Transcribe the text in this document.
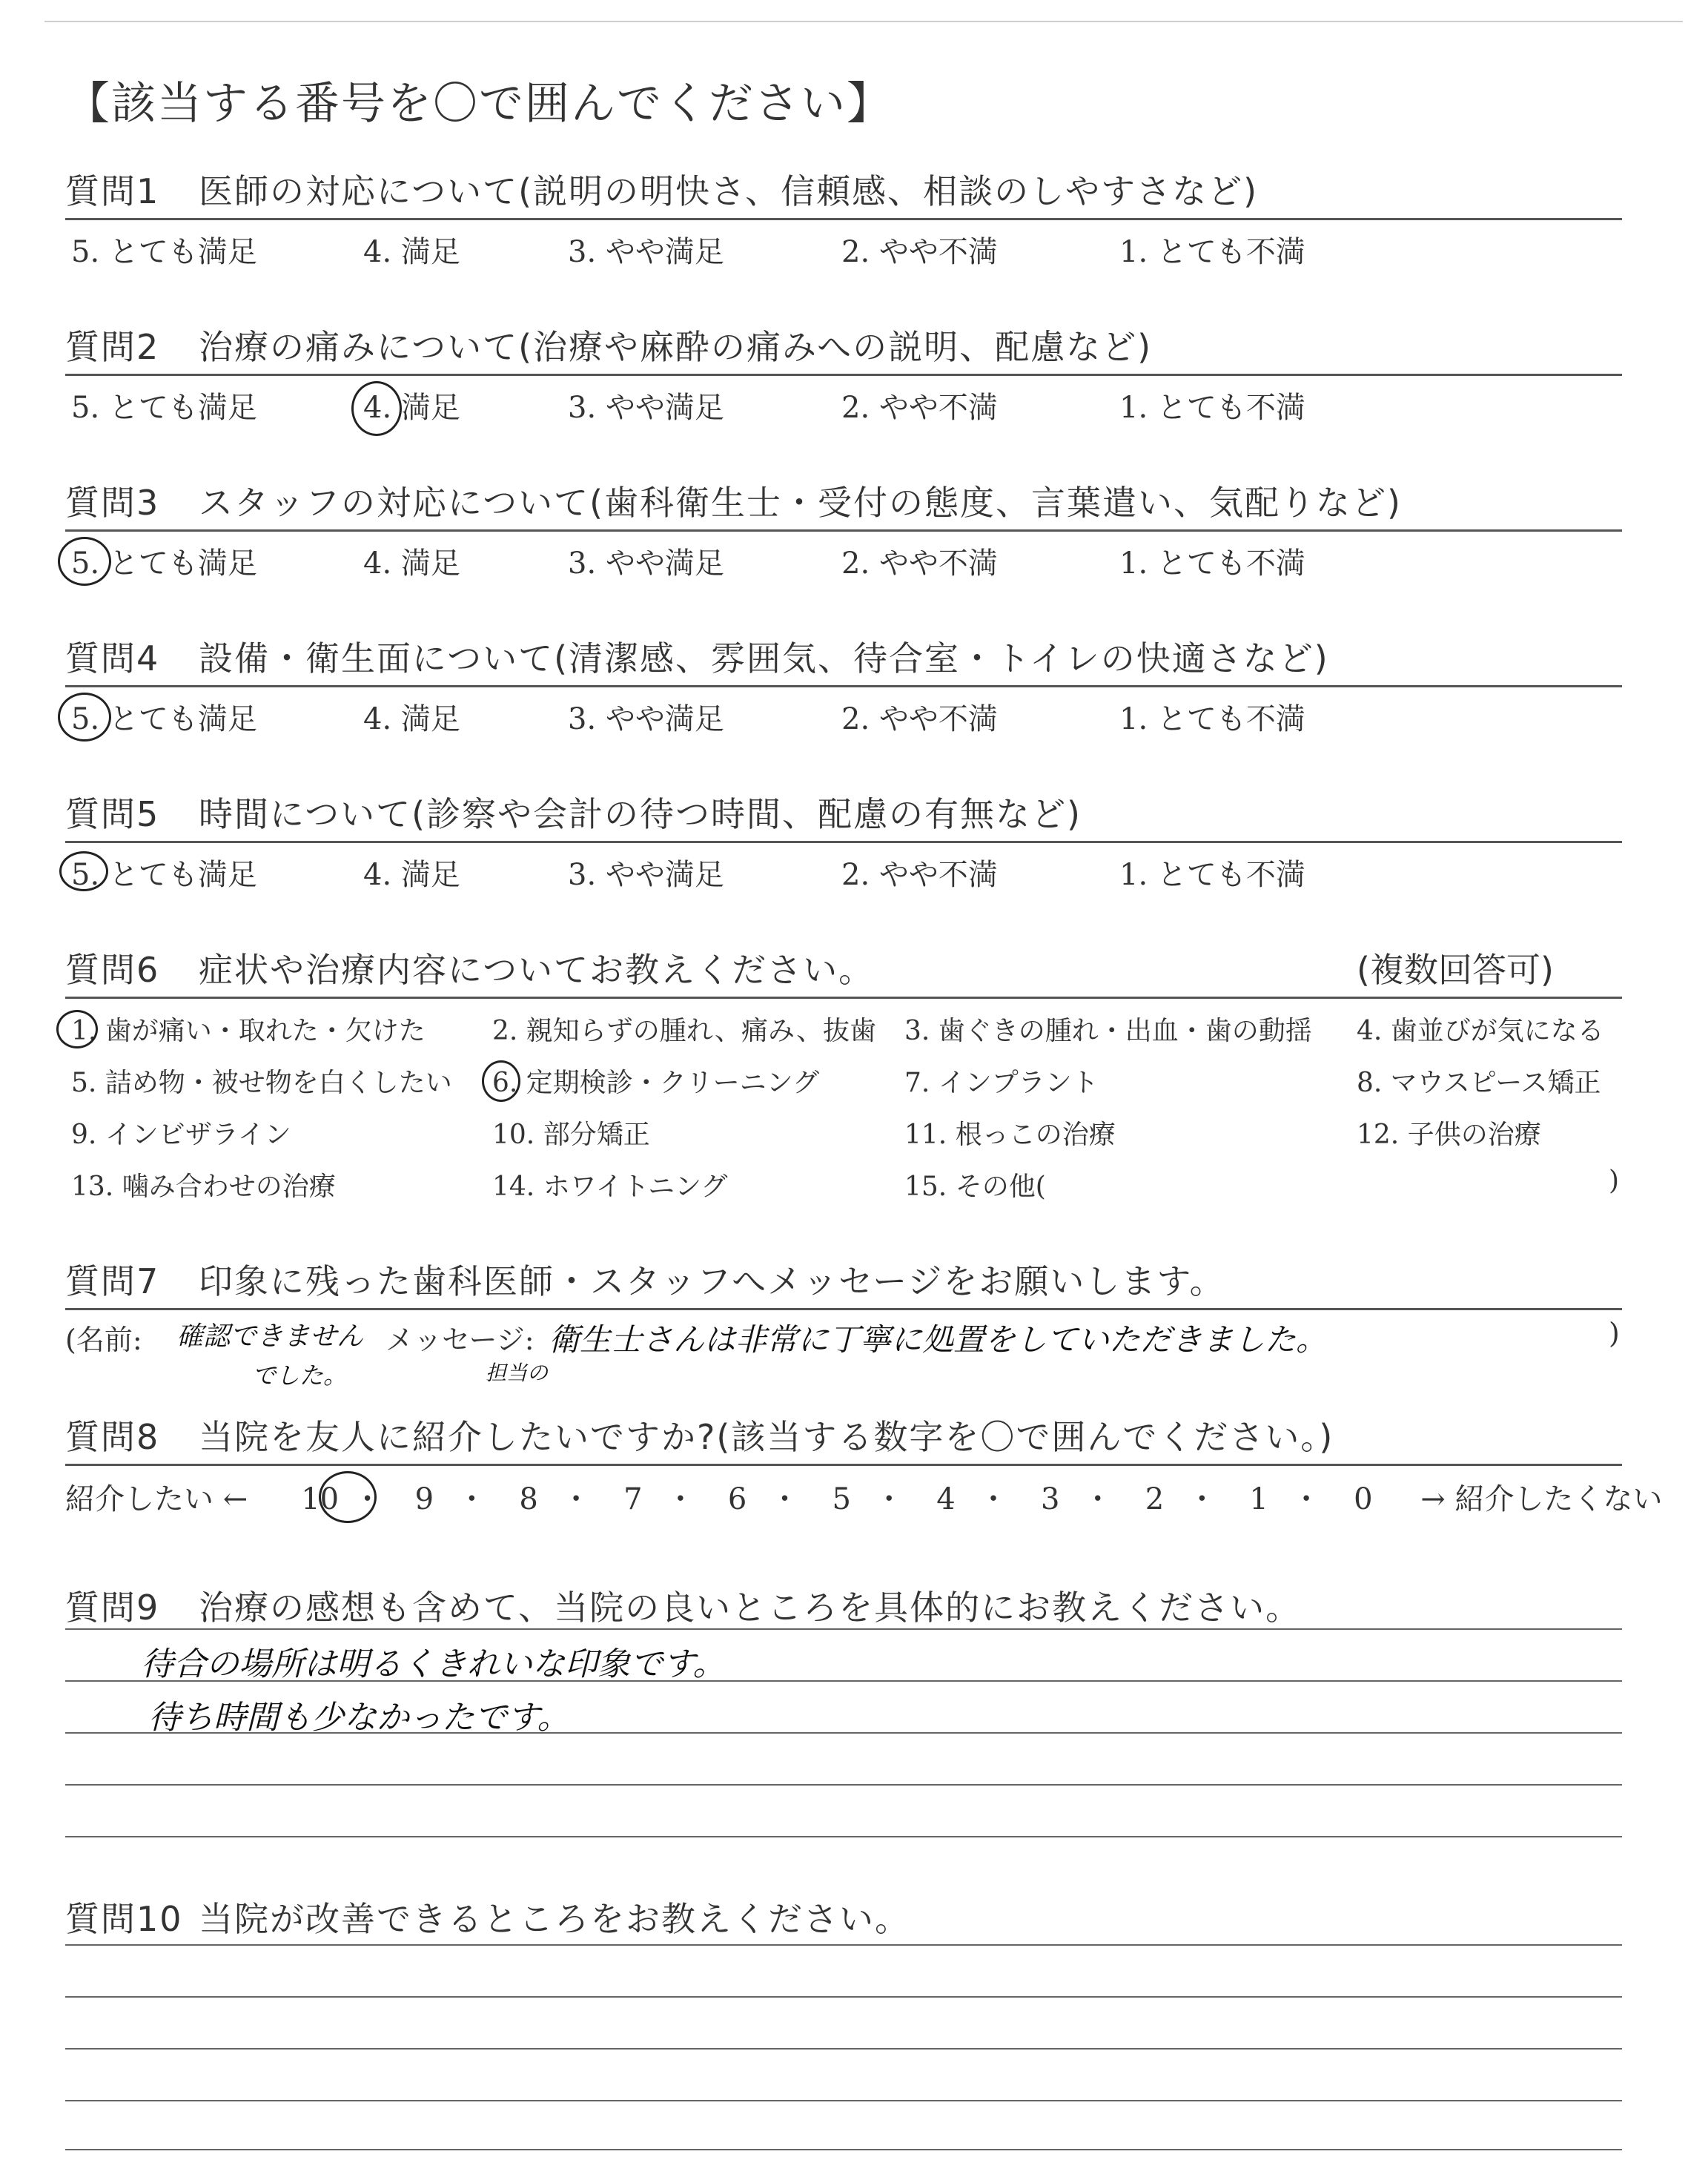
【該当する番号を〇で囲んでください】
質問1 医師の対応について(説明の明快さ、信頼感、相談のしやすさなど)
5. とても満足	4. 満足	3. やや満足	2. やや不満	1. とても不満
質問2 治療の痛みについて(治療や麻酔の痛みへの説明、配慮など)
5. とても満足	4. 満足	3. やや満足	2. やや不満	1. とても不満
質問3 スタッフの対応について(歯科衛生士・受付の態度、言葉遣い、気配りなど)
5. とても満足	4. 満足	3. やや満足	2. やや不満	1. とても不満
質問4 設備・衛生面について(清潔感、雰囲気、待合室・トイレの快適さなど)
5. とても満足	4. 満足	3. やや満足	2. やや不満	1. とても不満
質問5 時間について(診察や会計の待つ時間、配慮の有無など)
5. とても満足	4. 満足	3. やや満足	2. やや不満	1. とても不満
質問6 症状や治療内容についてお教えください。	(複数回答可)
1. 歯が痛い・取れた・欠けた	2. 親知らずの腫れ、痛み、抜歯 3. 歯ぐきの腫れ・出血・歯の動揺 4. 歯並びが気になる
5. 詰め物・被せ物を白くしたい 6. 定期検診・クリーニング	7. インプラント	8. マウスピース矯正
9. インビザライン	10. 部分矯正	11. 根っこの治療	12. 子供の治療
13. 噛み合わせの治療	14. ホワイトニング	15. その他(	)
質問7 印象に残った歯科医師・スタッフへメッセージをお願いします。
(名前: 確認できません
でした。
メッセージ:
担当の
衛生士さんは非常に丁寧に処置をしていただきました。	)
質問8 当院を友人に紹介したいですか?(該当する数字を〇で囲んでください。)
紹介したい ← 10 ・ 9 ・ 8 ・ 7 ・ 6 ・ 5 ・ 4 ・ 3 ・ 2 ・ 1 ・ 0 → 紹介したくない
質問9 治療の感想も含めて、当院の良いところを具体的にお教えください。
待合の場所は明るくきれいな印象です。
待ち時間も少なかったです。
質問10 当院が改善できるところをお教えください。
